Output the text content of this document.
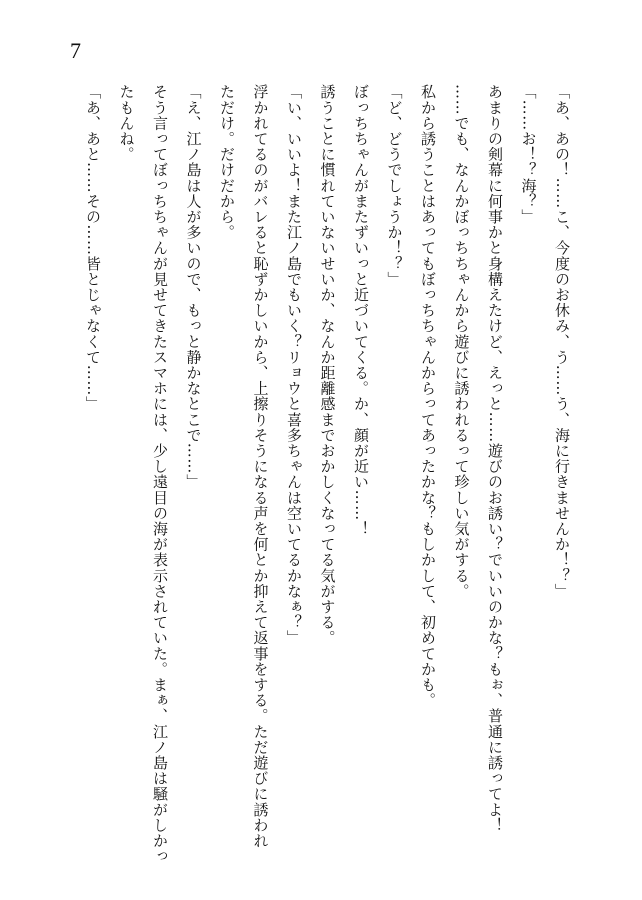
7
「あ、あの！……こ、今度のお休み、う……う、海に行きませんか！？」
「……お！？海？」
あまりの剣幕に何事かと身構えたけど、えっと……遊びのお誘い？でいいのかな？もぉ、普通に誘ってよ！
……でも、なんかぼっちちゃんから遊びに誘われるって珍しい気がする。
私から誘うことはあってもぼっちちゃんからってあったかな？もしかして、初めてかも。
「ど、どうでしょうか！？」
ぼっちちゃんがまたずいっと近づいてくる。か、顔が近い……！
誘うことに慣れていないせいか、なんか距離感までおかしくなってる気がする。
「い、いいよ！また江ノ島でもいく？リョウと喜多ちゃんは空いてるかなぁ？」
浮かれてるのがバレると恥ずかしいから、上擦りそうになる声を何とか抑えて返事をする。ただ遊びに誘われ
ただけ。だけだから。
「え、江ノ島は人が多いので、もっと静かなとこで……」
そう言ってぼっちちゃんが見せてきたスマホには、少し遠目の海が表示されていた。まぁ、江ノ島は騒がしかっ
たもんね。
「あ、あと……その……皆とじゃなくて……」
